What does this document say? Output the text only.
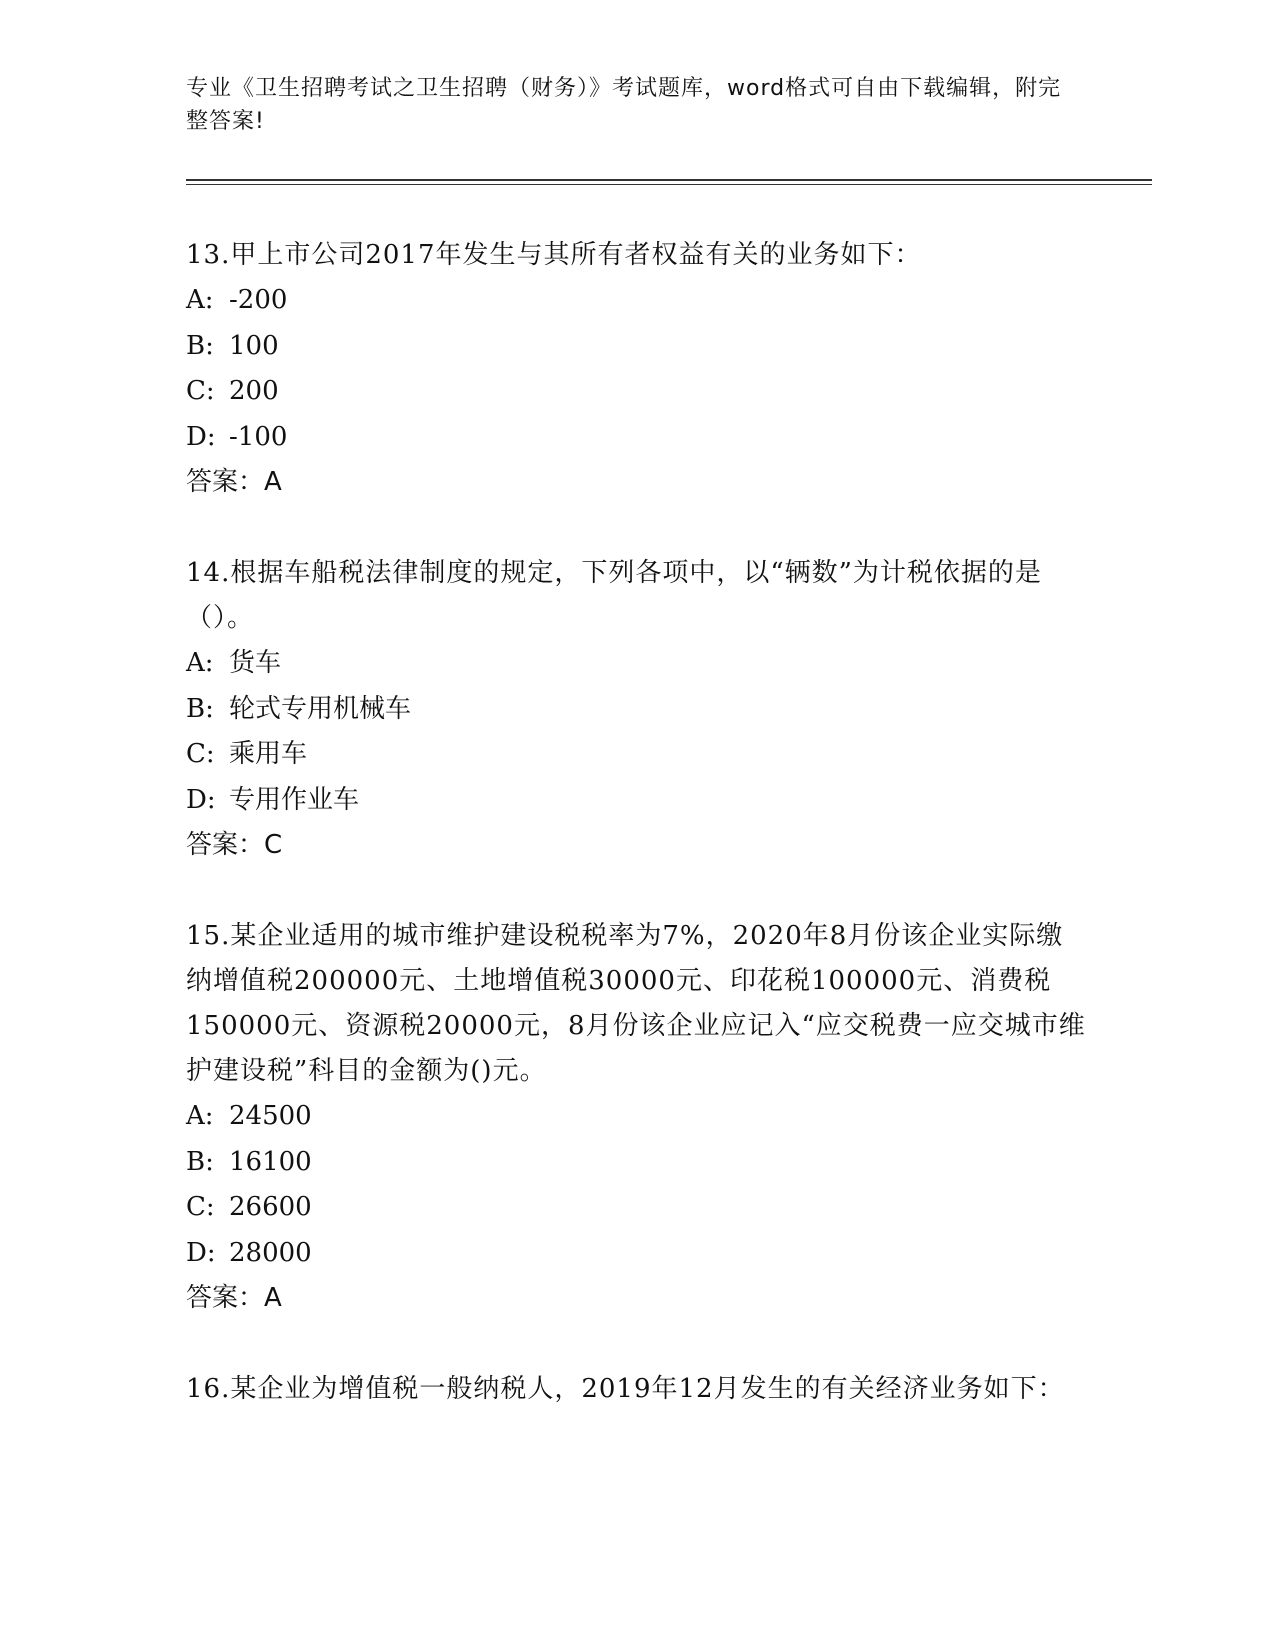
专业《卫生招聘考试之卫生招聘（财务）》考试题库，word格式可自由下载编辑，附完整答案!
13.甲上市公司2017年发生与其所有者权益有关的业务如下：
A: -200
B: 100
C: 200
D: -100
答案：A
14.根据车船税法律制度的规定，下列各项中，以“辆数”为计税依据的是（）。
A: 货车
B: 轮式专用机械车
C: 乘用车
D: 专用作业车
答案：C
15.某企业适用的城市维护建设税税率为7%，2020年8月份该企业实际缴纳增值税200000元、土地增值税30000元、印花税100000元、消费税150000元、资源税20000元，8月份该企业应记入“应交税费一应交城市维护建设税”科目的金额为()元。
A: 24500
B: 16100
C: 26600
D: 28000
答案：A
16.某企业为增值税一般纳税人，2019年12月发生的有关经济业务如下：
